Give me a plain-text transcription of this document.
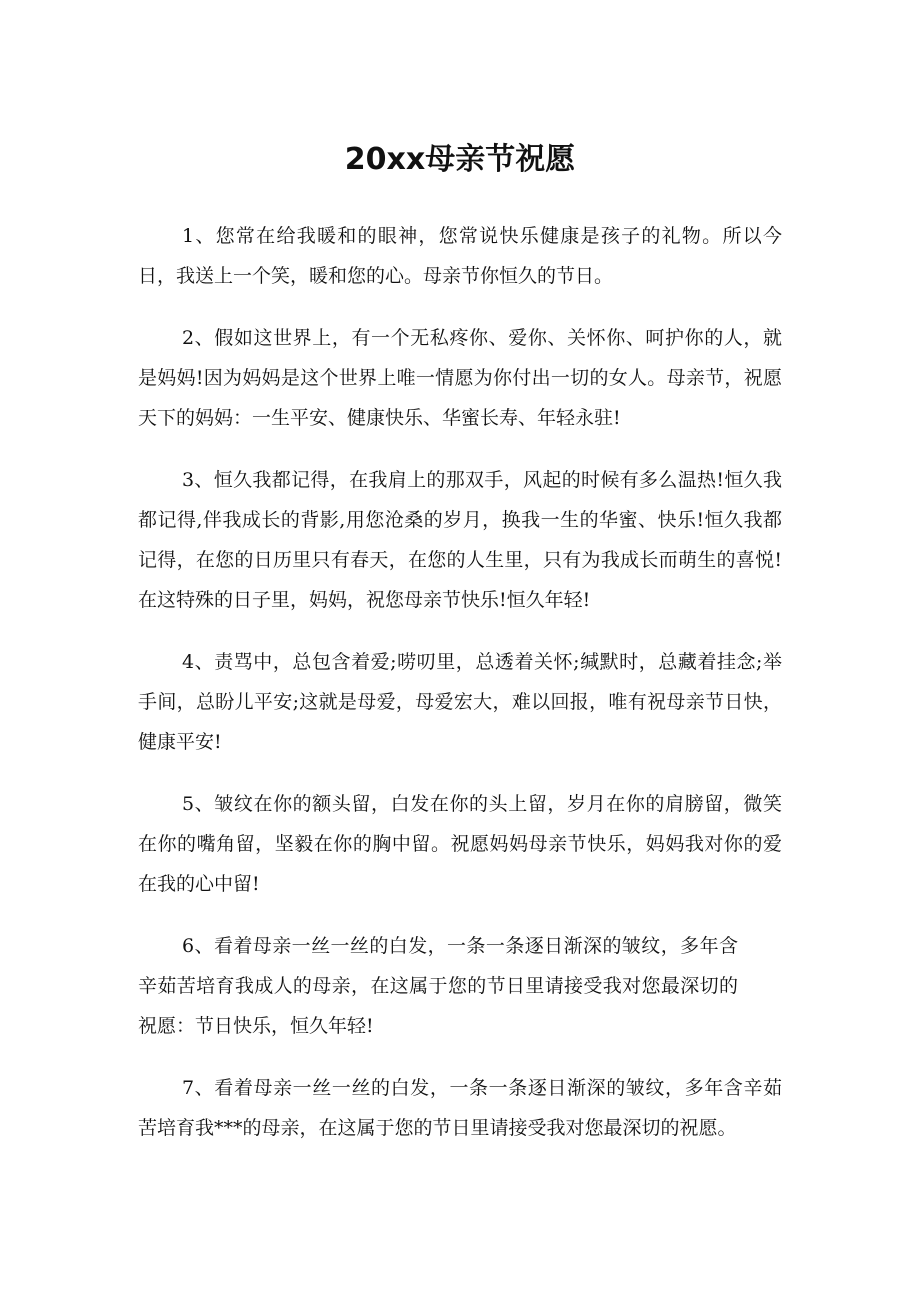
20xx母亲节祝愿

1、您常在给我暖和的眼神，您常说快乐健康是孩子的礼物。所以今日，我送上一个笑，暖和您的心。母亲节你恒久的节日。

2、假如这世界上，有一个无私疼你、爱你、关怀你、呵护你的人，就是妈妈!因为妈妈是这个世界上唯一情愿为你付出一切的女人。母亲节，祝愿天下的妈妈：一生平安、健康快乐、华蜜长寿、年轻永驻!

3、恒久我都记得，在我肩上的那双手，风起的时候有多么温热!恒久我都记得,伴我成长的背影,用您沧桑的岁月，换我一生的华蜜、快乐!恒久我都记得，在您的日历里只有春天，在您的人生里，只有为我成长而萌生的喜悦!在这特殊的日子里，妈妈，祝您母亲节快乐!恒久年轻!

4、责骂中，总包含着爱;唠叨里，总透着关怀;缄默时，总藏着挂念;举手间，总盼儿平安;这就是母爱，母爱宏大，难以回报，唯有祝母亲节日快，健康平安!

5、皱纹在你的额头留，白发在你的头上留，岁月在你的肩膀留，微笑在你的嘴角留，坚毅在你的胸中留。祝愿妈妈母亲节快乐，妈妈我对你的爱在我的心中留!

6、看着母亲一丝一丝的白发，一条一条逐日渐深的皱纹，多年含辛茹苦培育我成人的母亲，在这属于您的节日里请接受我对您最深切的祝愿：节日快乐，恒久年轻!

7、看着母亲一丝一丝的白发，一条一条逐日渐深的皱纹，多年含辛茹苦培育我***的母亲，在这属于您的节日里请接受我对您最深切的祝愿。
